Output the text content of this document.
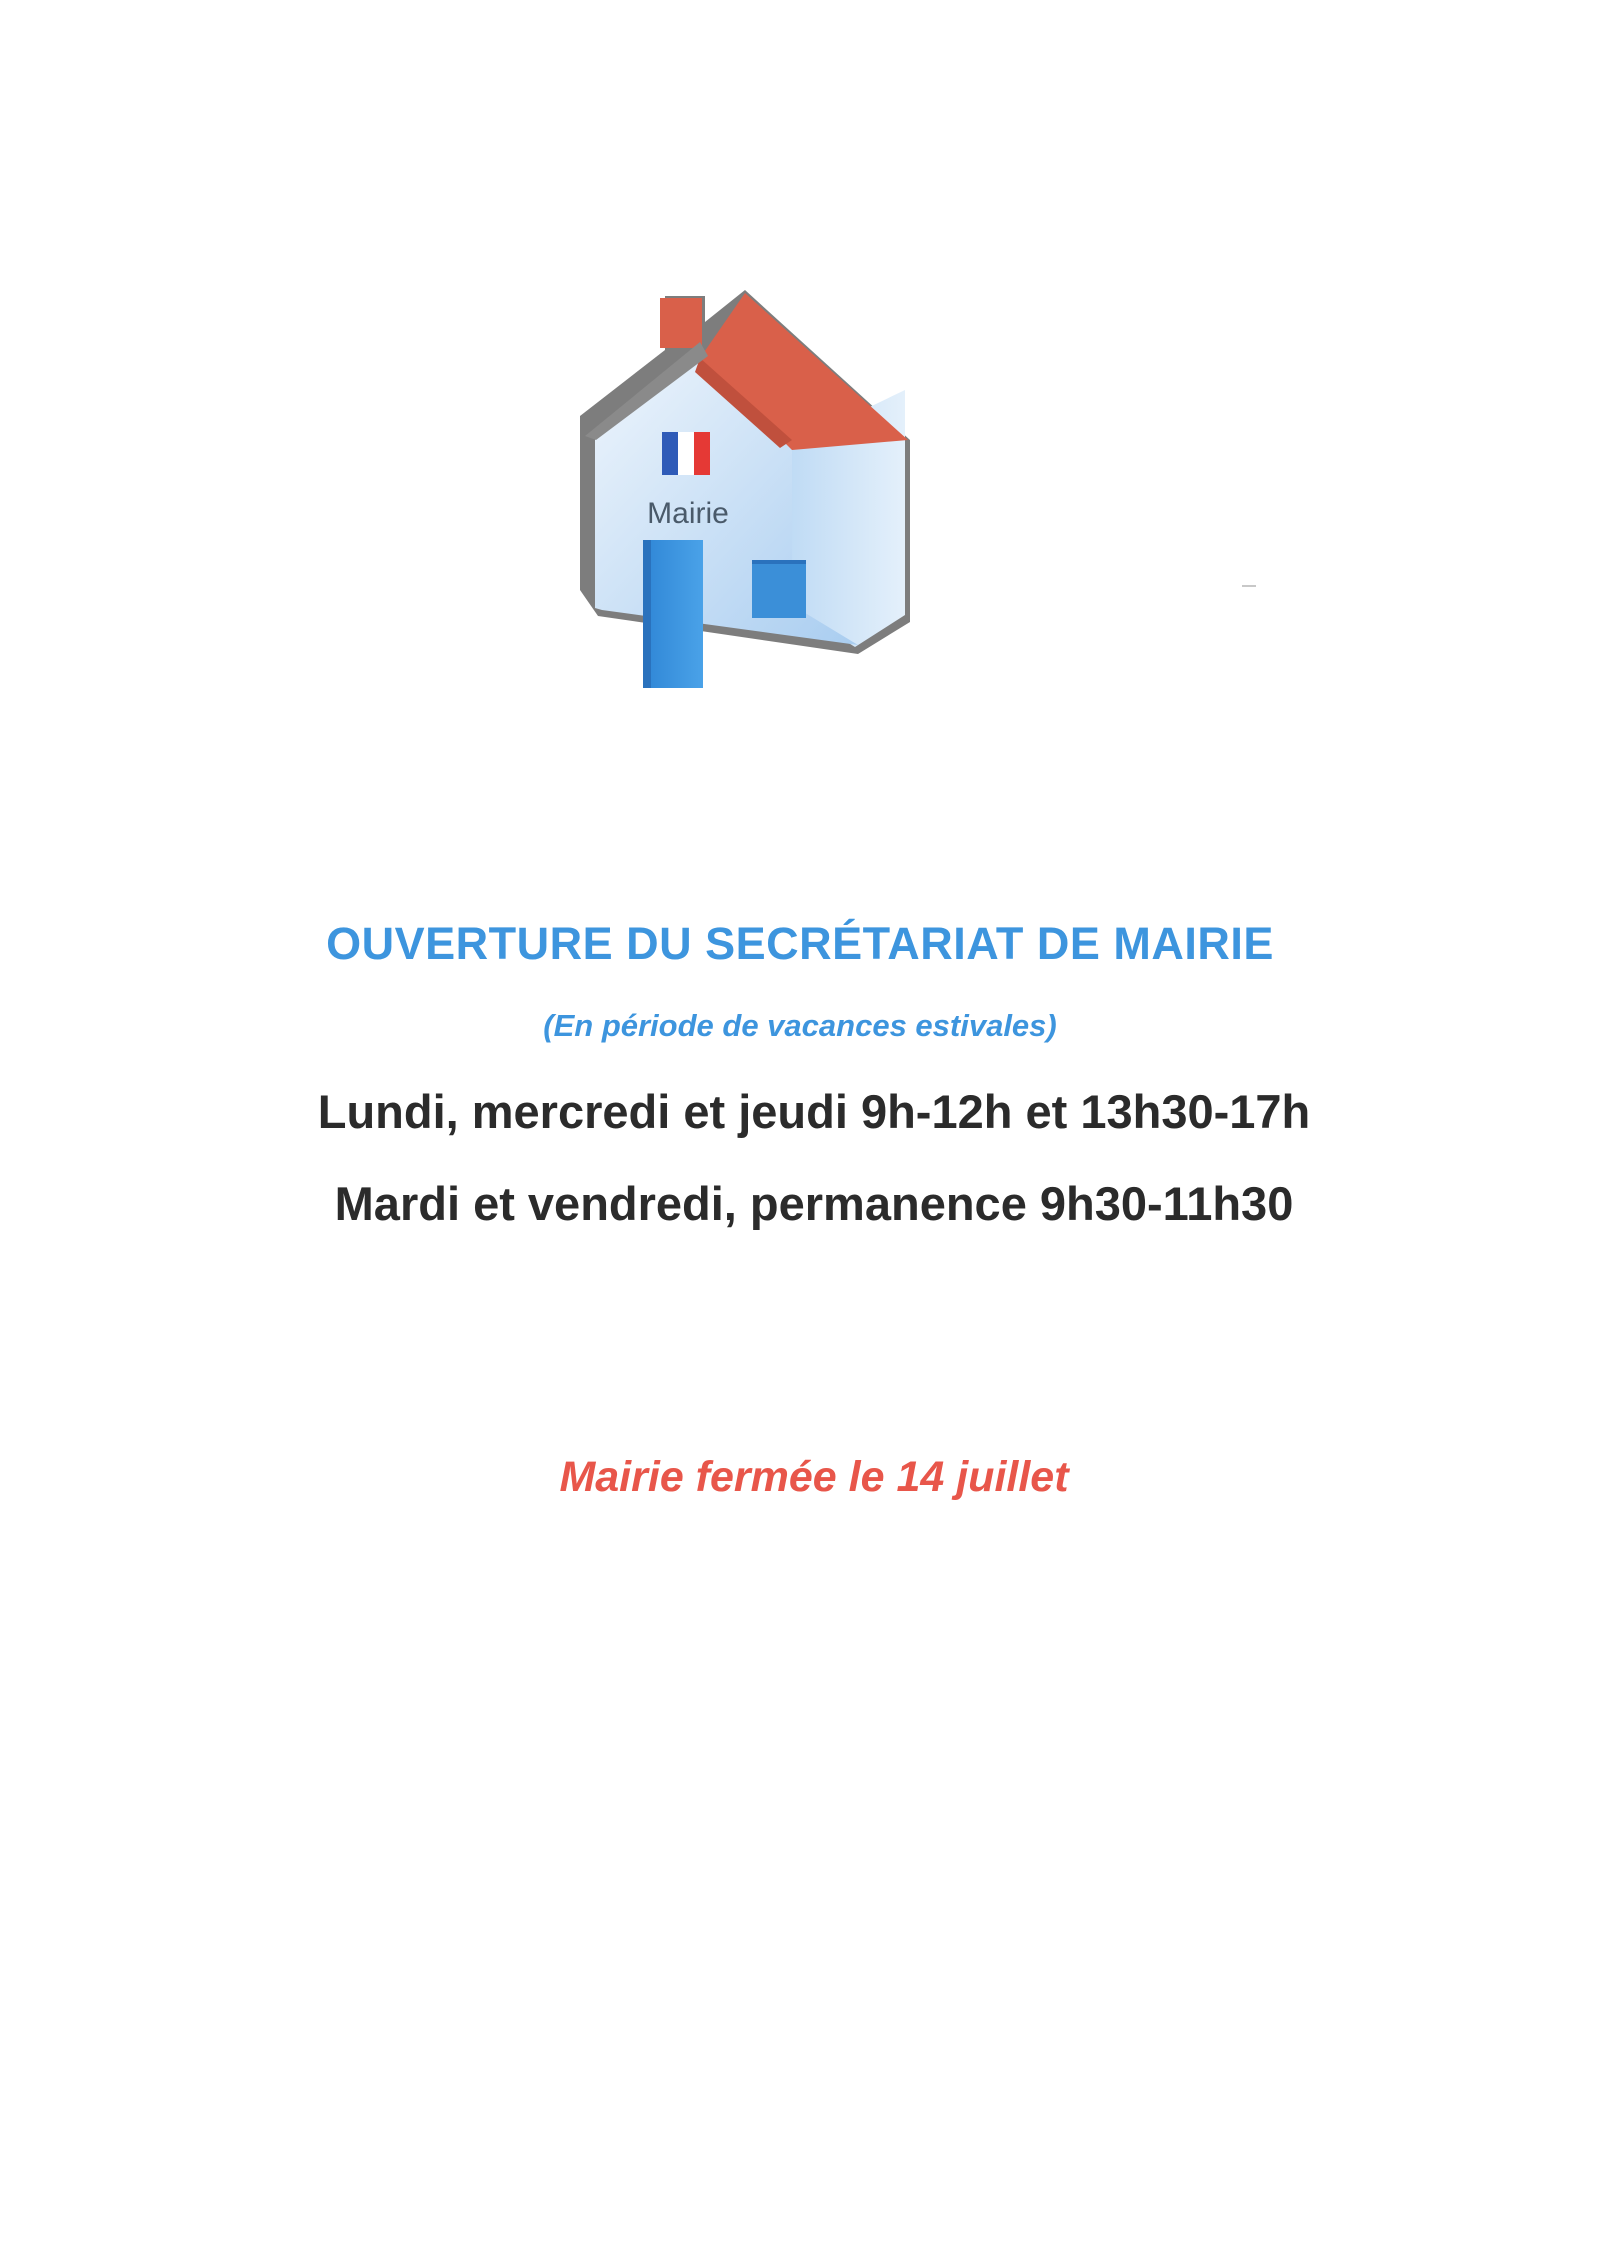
Mairie
OUVERTURE DU SECRÉTARIAT DE MAIRIE
(En période de vacances estivales)
Lundi, mercredi et jeudi 9h-12h et 13h30-17h
Mardi et vendredi, permanence 9h30-11h30
Mairie fermée le 14 juillet
